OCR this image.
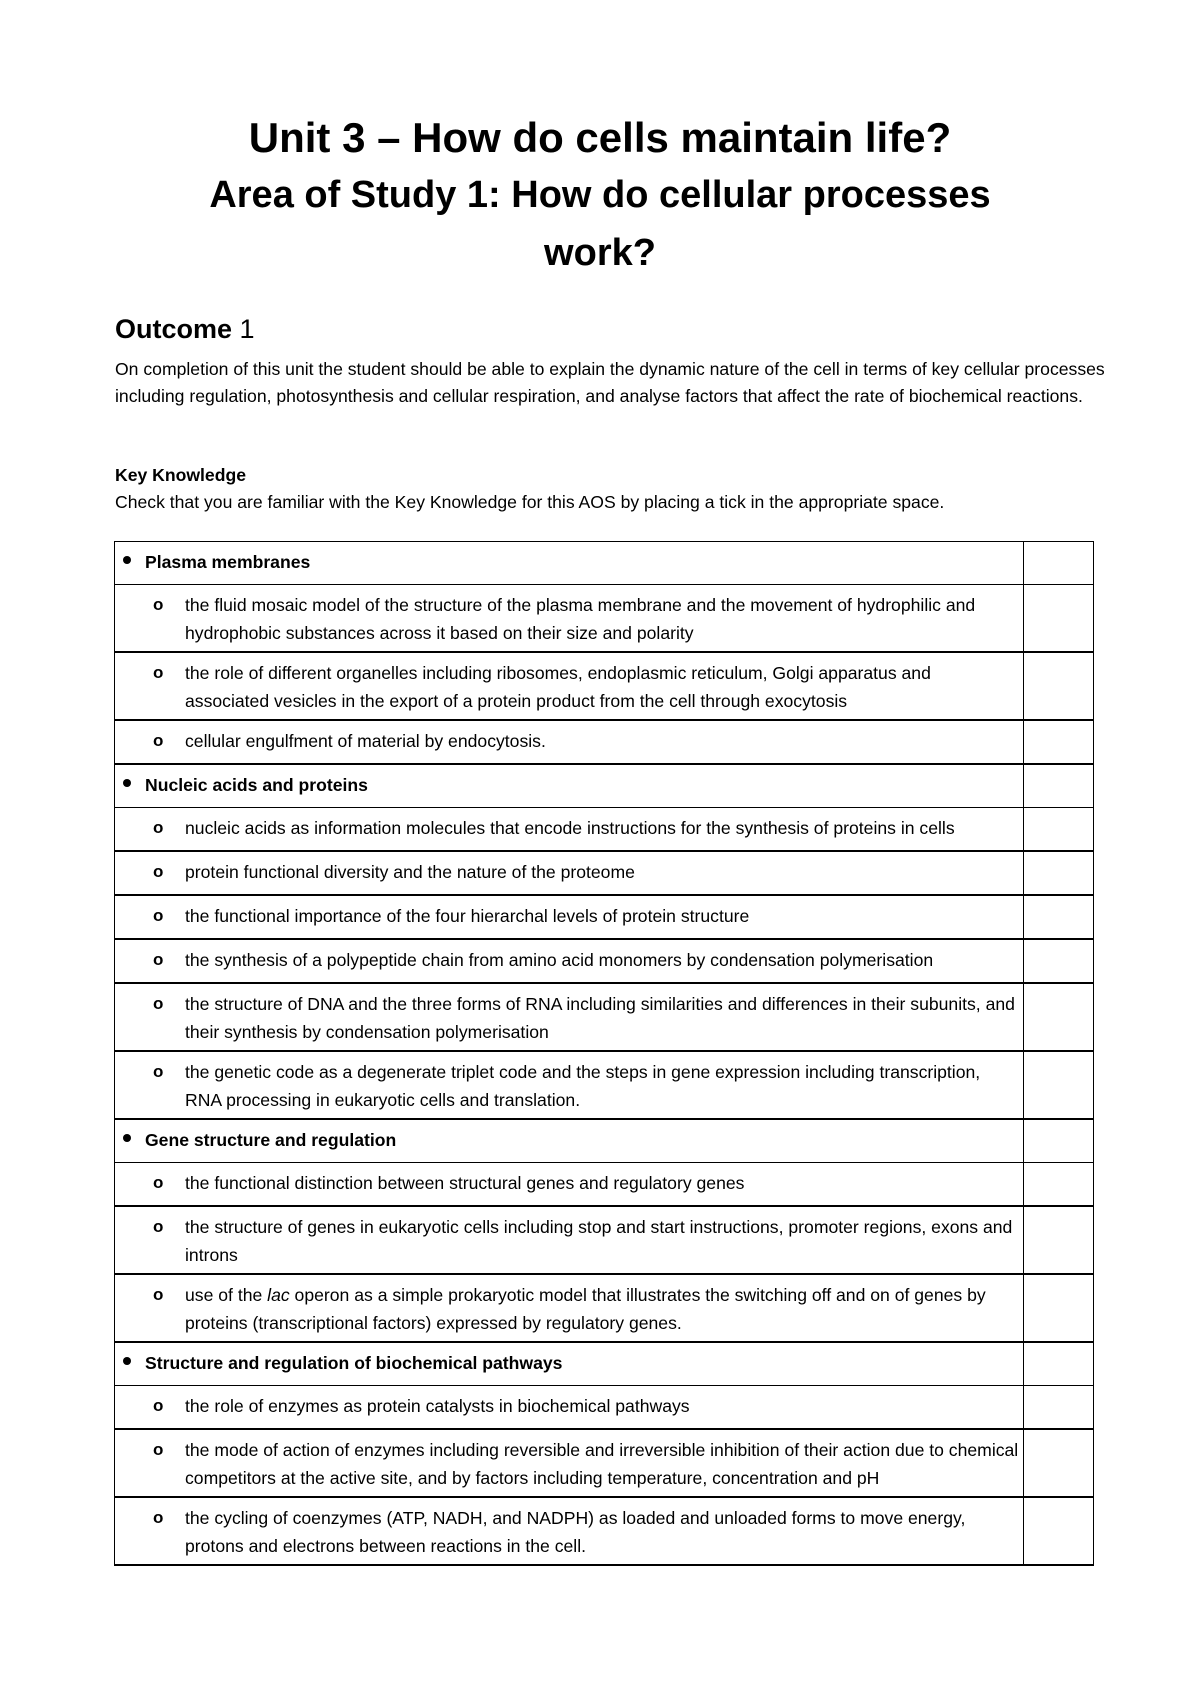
Unit 3 – How do cells maintain life?

Area of Study 1: How do cellular processes

work?

Outcome 1

On completion of this unit the student should be able to explain the dynamic nature of the cell in terms of key cellular processes including regulation, photosynthesis and cellular respiration, and analyse factors that affect the rate of biochemical reactions.

Key Knowledge

Check that you are familiar with the Key Knowledge for this AOS by placing a tick in the appropriate space.

Plasma membranes	

o the fluid mosaic model of the structure of the plasma membrane and the movement of hydrophilic and hydrophobic substances across it based on their size and polarity	

o the role of different organelles including ribosomes, endoplasmic reticulum, Golgi apparatus and associated vesicles in the export of a protein product from the cell through exocytosis	

o cellular engulfment of material by endocytosis.	

Nucleic acids and proteins	

o nucleic acids as information molecules that encode instructions for the synthesis of proteins in cells	

o protein functional diversity and the nature of the proteome	

o the functional importance of the four hierarchal levels of protein structure	

o the synthesis of a polypeptide chain from amino acid monomers by condensation polymerisation	

o the structure of DNA and the three forms of RNA including similarities and differences in their subunits, and their synthesis by condensation polymerisation	

o the genetic code as a degenerate triplet code and the steps in gene expression including transcription, RNA processing in eukaryotic cells and translation.	

Gene structure and regulation	

o the functional distinction between structural genes and regulatory genes	

o the structure of genes in eukaryotic cells including stop and start instructions, promoter regions, exons and introns	

o use of the lac operon as a simple prokaryotic model that illustrates the switching off and on of genes by proteins (transcriptional factors) expressed by regulatory genes.	

Structure and regulation of biochemical pathways	

o the role of enzymes as protein catalysts in biochemical pathways	

o the mode of action of enzymes including reversible and irreversible inhibition of their action due to chemical competitors at the active site, and by factors including temperature, concentration and pH	

o the cycling of coenzymes (ATP, NADH, and NADPH) as loaded and unloaded forms to move energy, protons and electrons between reactions in the cell.	
